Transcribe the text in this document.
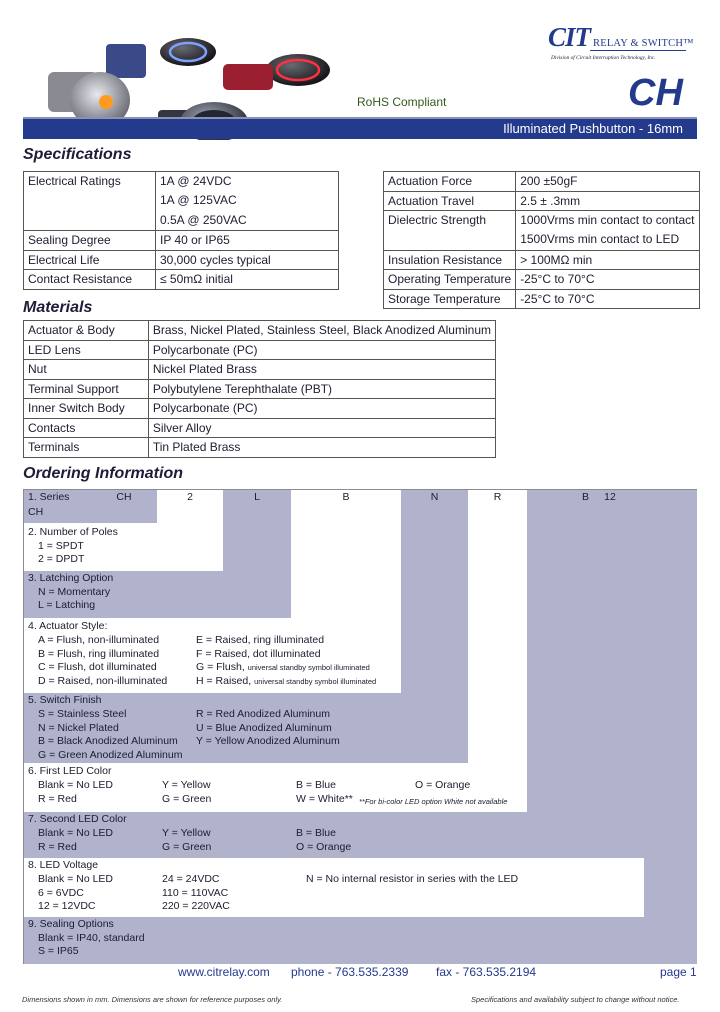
CIT RELAY & SWITCH™
Division of Circuit Interruption Technology, Inc.
CH
RoHS Compliant
Illuminated Pushbutton - 16mm
Specifications
Electrical Ratings	1A @ 24VDC
1A @ 125VAC
0.5A @ 250VAC

Sealing Degree	IP 40 or IP65
Electrical Life	30,000 cycles typical
Contact Resistance	≤ 50mΩ initial
Actuation Force	200 ±50gF
Actuation Travel	2.5 ± .3mm
Dielectric Strength	1000Vrms min contact to contact
1500Vrms min contact to LED

Insulation Resistance	> 100MΩ min
Operating Temperature	-25°C to 70°C
Storage Temperature	-25°C to 70°C
Materials
Actuator & Body	Brass, Nickel Plated, Stainless Steel, Black Anodized Aluminum
LED Lens	Polycarbonate (PC)
Nut	Nickel Plated Brass
Terminal Support	Polybutylene Terephthalate (PBT)
Inner Switch Body	Polycarbonate (PC)
Contacts	Silver Alloy
Terminals	Tin Plated Brass
Ordering Information
1. Series	CH	2	L	B	N	R	B	12
CH
2. Number of Poles
1 = SPDT
2 = DPDT
3. Latching Option
N = Momentary
L = Latching
4. Actuator Style:
A = Flush, non-illuminated
B = Flush, ring illuminated
C = Flush, dot illuminated
D = Raised, non-illuminated
E = Raised, ring illuminated
F = Raised, dot illuminated
G = Flush, universal standby symbol illuminated
H = Raised, universal standby symbol illuminated
5. Switch Finish
S = Stainless Steel
N = Nickel Plated
B = Black Anodized Aluminum
G = Green Anodized Aluminum
R = Red Anodized Aluminum
U = Blue Anodized Aluminum
Y = Yellow Anodized Aluminum
6. First LED Color
Blank = No LED
R = Red
Y = Yellow
G = Green
B = Blue
W = White**
O = Orange
**For bi-color LED option White not available
7. Second LED Color
Blank = No LED
R = Red
Y = Yellow
G = Green
B = Blue
O = Orange
8. LED Voltage
Blank = No LED
6 = 6VDC
12 = 12VDC
24 = 24VDC
110 = 110VAC
220 = 220VAC
N = No internal resistor in series with the LED
9. Sealing Options
Blank = IP40, standard
S = IP65
www.citrelay.com phone - 763.535.2339 fax - 763.535.2194	page 1
Dimensions shown in mm. Dimensions are shown for reference purposes only.	Specifications and availability subject to change without notice.
